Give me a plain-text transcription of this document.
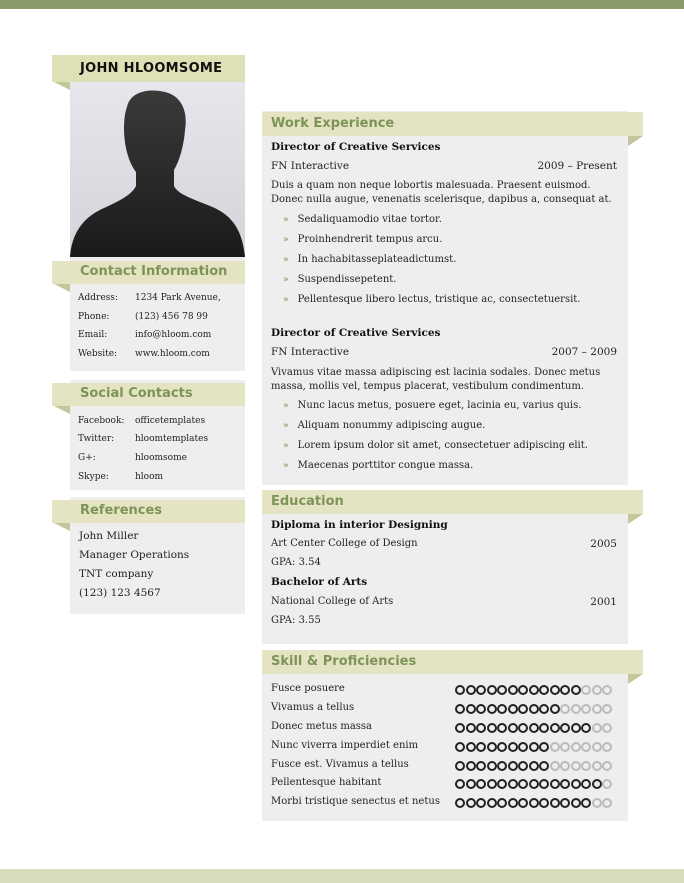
JOHN HLOOMSOME
Contact Information
Address: 1234 Park Avenue,
Phone:	(123) 456 78 99
Email:	info@hloom.com
Website: www.hloom.com
Social Contacts
Facebook: officetemplates
Twitter: hloomtemplates
G+:	hloomsome
Skype:	hloom
References
John Miller
Manager Operations
TNT company
(123) 123 4567
Work Experience
Director of Creative Services
FN Interactive	2009 – Present
Duis a quam non neque lobortis malesuada. Praesent euismod. Donec nulla augue, venenatis scelerisque, dapibus a, consequat at.
» Sedaliquamodio vitae tortor.
» Proinhendrerit tempus arcu.
» In hachabitasseplateadictumst.
» Suspendissepetent.
» Pellentesque libero lectus, tristique ac, consectetuersit.
Director of Creative Services
FN Interactive	2007 – 2009
Vivamus vitae massa adipiscing est lacinia sodales. Donec metus massa, mollis vel, tempus placerat, vestibulum condimentum.
» Nunc lacus metus, posuere eget, lacinia eu, varius quis.
» Aliquam nonummy adipiscing augue.
» Lorem ipsum dolor sit amet, consectetuer adipiscing elit.
» Maecenas porttitor congue massa.
Education
Diploma in interior Designing
Art Center College of Design	2005
GPA: 3.54
Bachelor of Arts
National College of Arts	2001
GPA: 3.55
Skill & Proficiencies
Fusce posuere
Vivamus a tellus
Donec metus massa
Nunc viverra imperdiet enim
Fusce est. Vivamus a tellus
Pellentesque habitant
Morbi tristique senectus et netus
